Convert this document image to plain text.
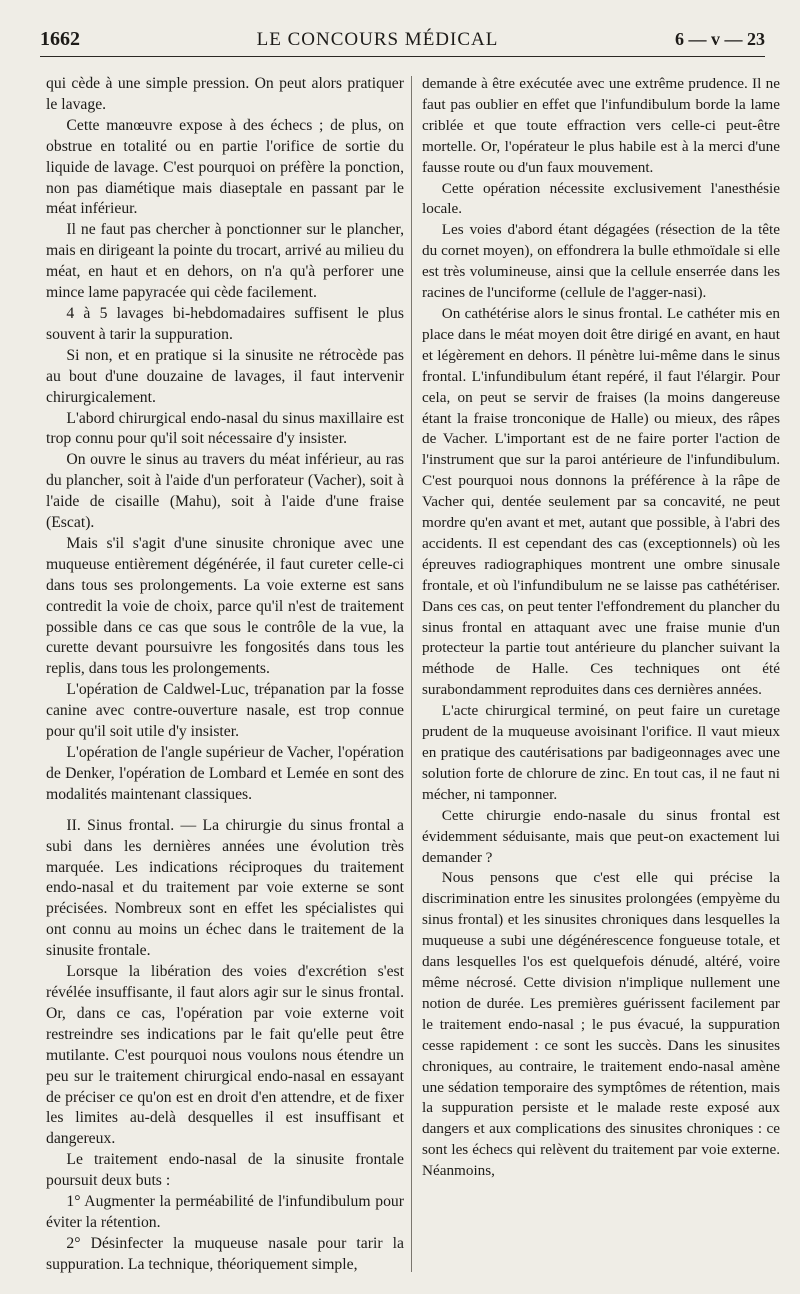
1662	LE CONCOURS MÉDICAL	6 — v — 23

qui cède à une simple pression. On peut alors pratiquer le lavage.

Cette manœuvre expose à des échecs ; de plus, on obstrue en totalité ou en partie l'orifice de sortie du liquide de lavage. C'est pourquoi on préfère la ponction, non pas diamétique mais diaseptale en passant par le méat inférieur.

Il ne faut pas chercher à ponctionner sur le plancher, mais en dirigeant la pointe du trocart, arrivé au milieu du méat, en haut et en dehors, on n'a qu'à perforer une mince lame papyracée qui cède facilement.

4 à 5 lavages bi-hebdomadaires suffisent le plus souvent à tarir la suppuration.

Si non, et en pratique si la sinusite ne rétrocède pas au bout d'une douzaine de lavages, il faut intervenir chirurgicalement.

L'abord chirurgical endo-nasal du sinus maxillaire est trop connu pour qu'il soit nécessaire d'y insister.

On ouvre le sinus au travers du méat inférieur, au ras du plancher, soit à l'aide d'un perforateur (Vacher), soit à l'aide de cisaille (Mahu), soit à l'aide d'une fraise (Escat).

Mais s'il s'agit d'une sinusite chronique avec une muqueuse entièrement dégénérée, il faut cureter celle-ci dans tous ses prolongements. La voie externe est sans contredit la voie de choix, parce qu'il n'est de traitement possible dans ce cas que sous le contrôle de la vue, la curette devant poursuivre les fongosités dans tous les replis, dans tous les prolongements.

L'opération de Caldwel-Luc, trépanation par la fosse canine avec contre-ouverture nasale, est trop connue pour qu'il soit utile d'y insister.

L'opération de l'angle supérieur de Vacher, l'opération de Denker, l'opération de Lombard et Lemée en sont des modalités maintenant classiques.

II. Sinus frontal. — La chirurgie du sinus frontal a subi dans les dernières années une évolution très marquée. Les indications réciproques du traitement endo-nasal et du traitement par voie externe se sont précisées. Nombreux sont en effet les spécialistes qui ont connu au moins un échec dans le traitement de la sinusite frontale.

Lorsque la libération des voies d'excrétion s'est révélée insuffisante, il faut alors agir sur le sinus frontal. Or, dans ce cas, l'opération par voie externe voit restreindre ses indications par le fait qu'elle peut être mutilante. C'est pourquoi nous voulons nous étendre un peu sur le traitement chirurgical endo-nasal en essayant de préciser ce qu'on est en droit d'en attendre, et de fixer les limites au-delà desquelles il est insuffisant et dangereux.

Le traitement endo-nasal de la sinusite frontale poursuit deux buts :

1° Augmenter la perméabilité de l'infundibulum pour éviter la rétention.

2° Désinfecter la muqueuse nasale pour tarir la suppuration. La technique, théoriquement simple,

demande à être exécutée avec une extrême prudence. Il ne faut pas oublier en effet que l'infundibulum borde la lame criblée et que toute effraction vers celle-ci peut-être mortelle. Or, l'opérateur le plus habile est à la merci d'une fausse route ou d'un faux mouvement.

Cette opération nécessite exclusivement l'anesthésie locale.

Les voies d'abord étant dégagées (résection de la tête du cornet moyen), on effondrera la bulle ethmoïdale si elle est très volumineuse, ainsi que la cellule enserrée dans les racines de l'unciforme (cellule de l'agger-nasi).

On cathétérise alors le sinus frontal. Le cathéter mis en place dans le méat moyen doit être dirigé en avant, en haut et légèrement en dehors. Il pénètre lui-même dans le sinus frontal. L'infundibulum étant repéré, il faut l'élargir. Pour cela, on peut se servir de fraises (la moins dangereuse étant la fraise tronconique de Halle) ou mieux, des râpes de Vacher. L'important est de ne faire porter l'action de l'instrument que sur la paroi antérieure de l'infundibulum. C'est pourquoi nous donnons la préférence à la râpe de Vacher qui, dentée seulement par sa concavité, ne peut mordre qu'en avant et met, autant que possible, à l'abri des accidents. Il est cependant des cas (exceptionnels) où les épreuves radiographiques montrent une ombre sinusale frontale, et où l'infundibulum ne se laisse pas cathétériser. Dans ces cas, on peut tenter l'effondrement du plancher du sinus frontal en attaquant avec une fraise munie d'un protecteur la partie tout antérieure du plancher suivant la méthode de Halle. Ces techniques ont été surabondamment reproduites dans ces dernières années.

L'acte chirurgical terminé, on peut faire un curetage prudent de la muqueuse avoisinant l'orifice. Il vaut mieux en pratique des cautérisations par badigeonnages avec une solution forte de chlorure de zinc. En tout cas, il ne faut ni mécher, ni tamponner.

Cette chirurgie endo-nasale du sinus frontal est évidemment séduisante, mais que peut-on exactement lui demander ?

Nous pensons que c'est elle qui précise la discrimination entre les sinusites prolongées (empyème du sinus frontal) et les sinusites chroniques dans lesquelles la muqueuse a subi une dégénérescence fongueuse totale, et dans lesquelles l'os est quelquefois dénudé, altéré, voire même nécrosé. Cette division n'implique nullement une notion de durée. Les premières guérissent facilement par le traitement endo-nasal ; le pus évacué, la suppuration cesse rapidement : ce sont les succès. Dans les sinusites chroniques, au contraire, le traitement endo-nasal amène une sédation temporaire des symptômes de rétention, mais la suppuration persiste et le malade reste exposé aux dangers et aux complications des sinusites chroniques : ce sont les échecs qui relèvent du traitement par voie externe. Néanmoins,
